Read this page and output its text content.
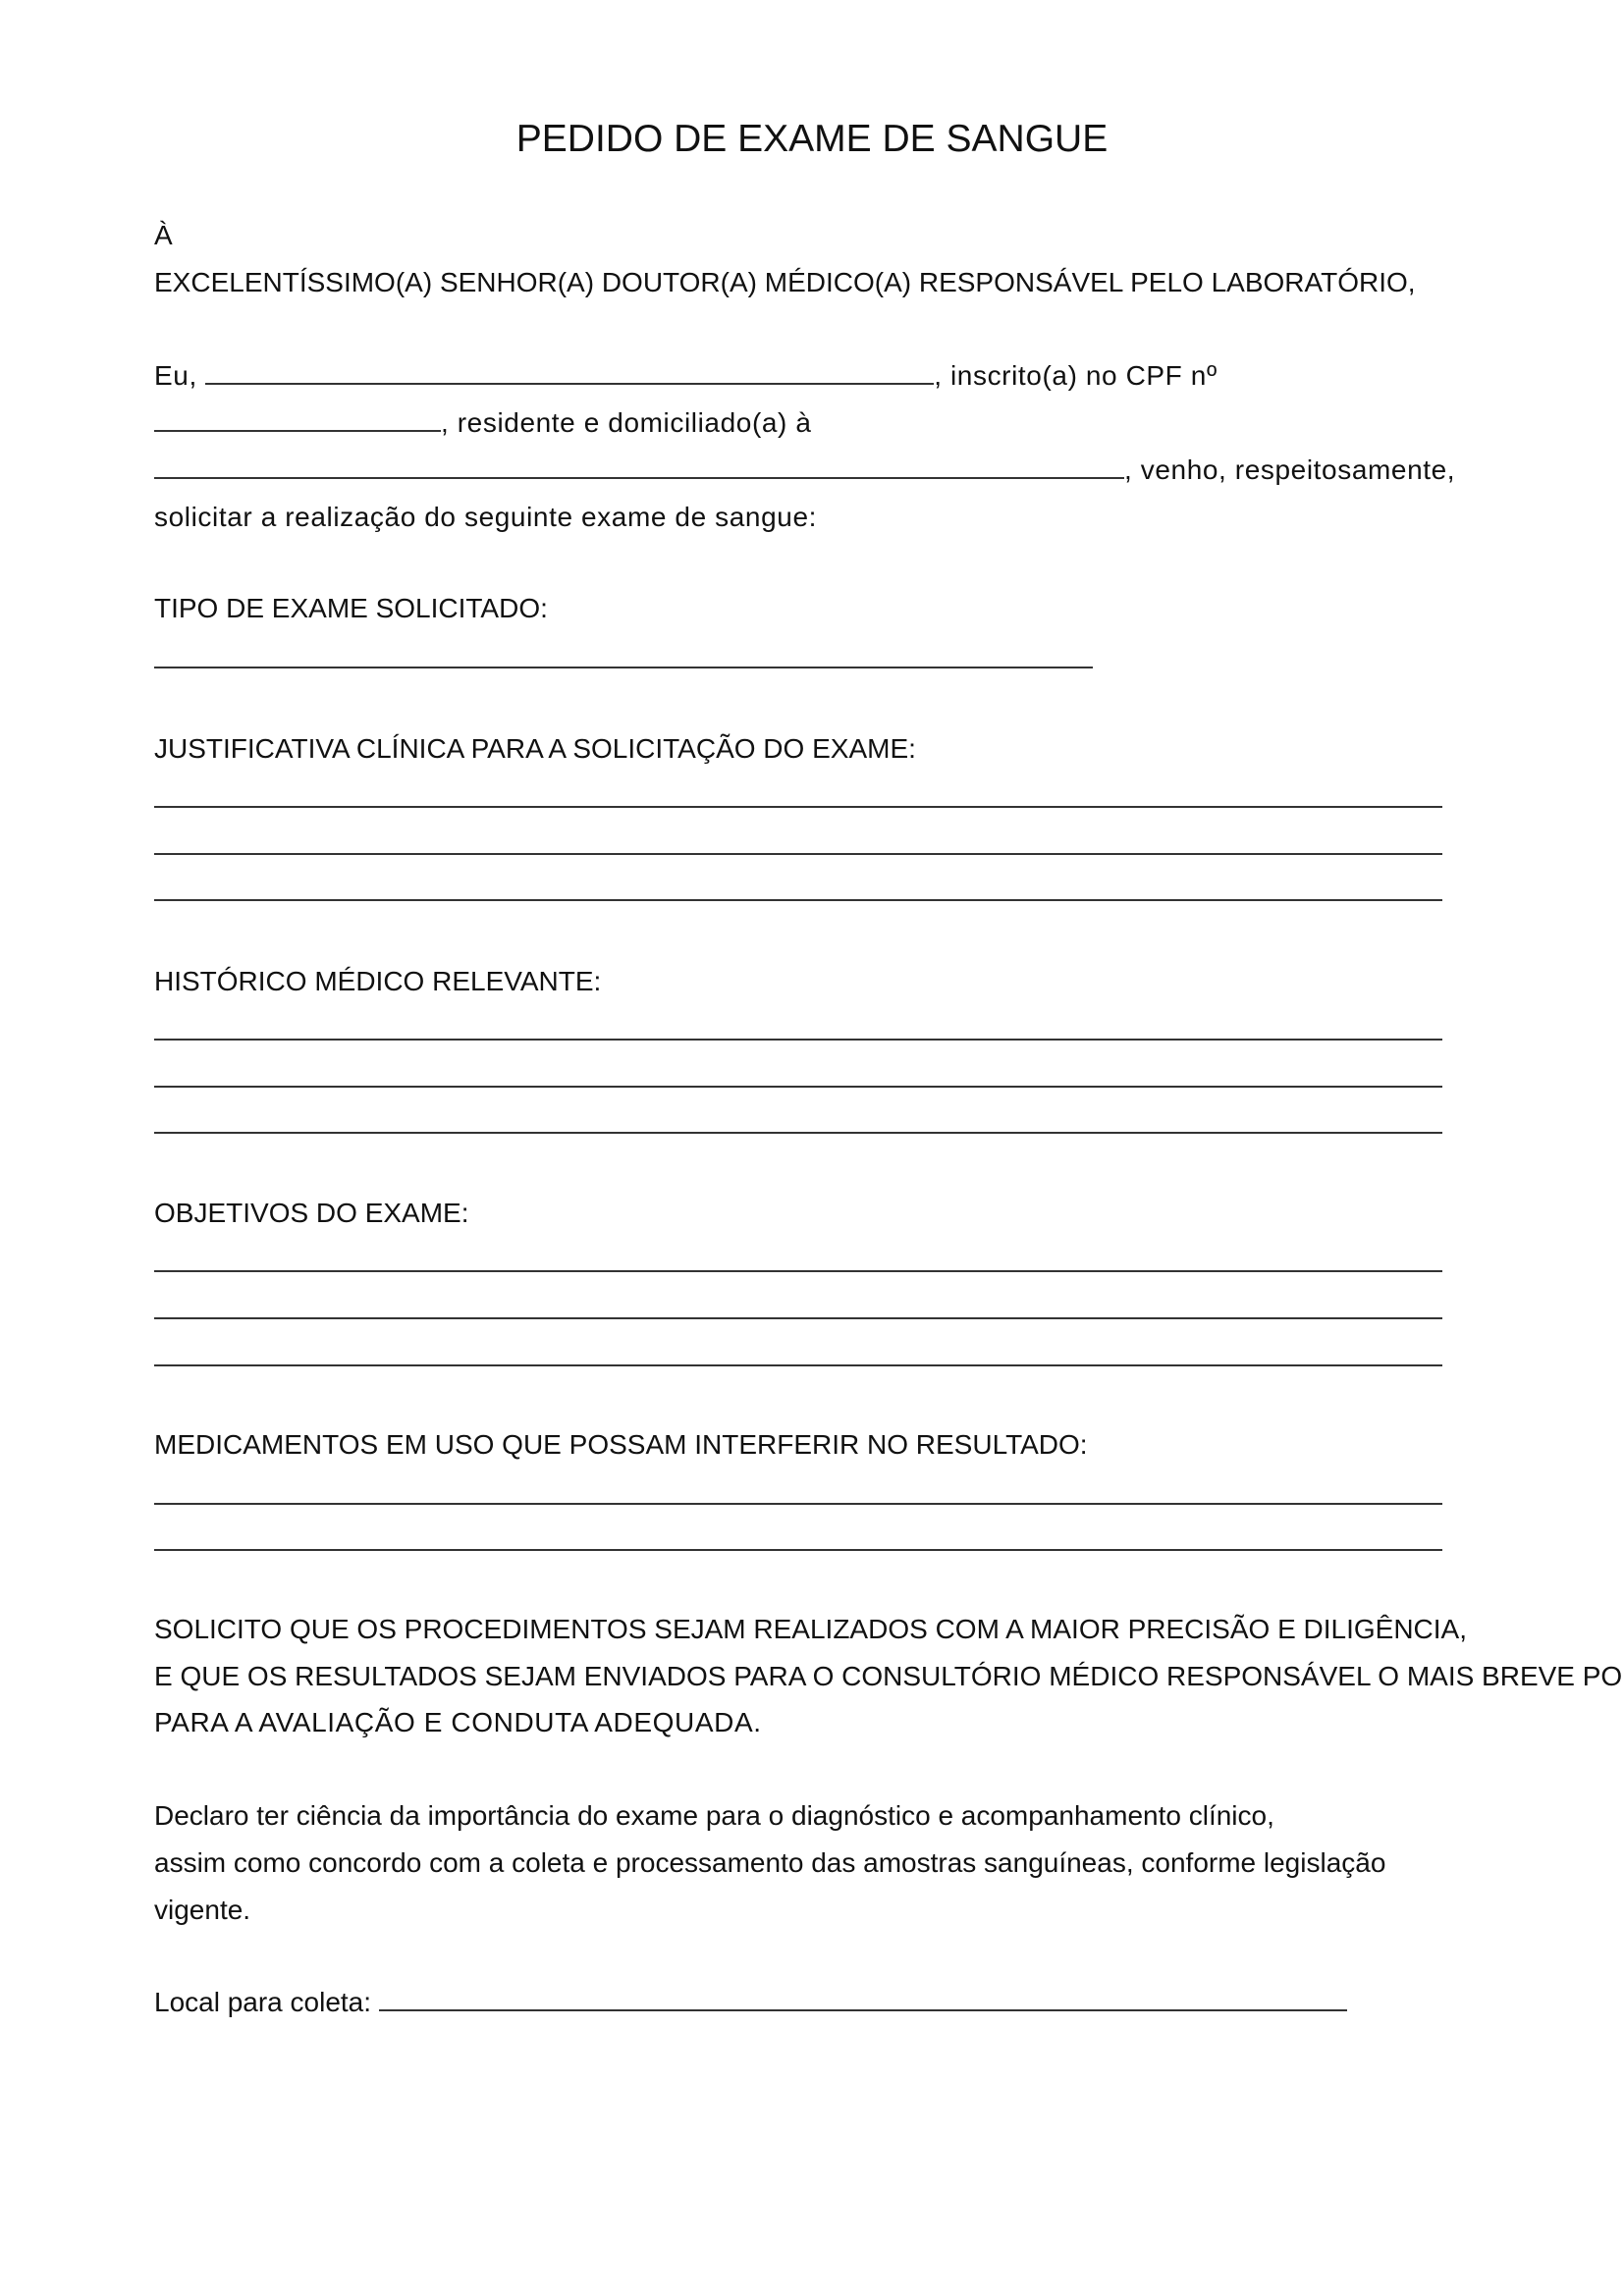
PEDIDO DE EXAME DE SANGUE
À
EXCELENTÍSSIMO(A) SENHOR(A) DOUTOR(A) MÉDICO(A) RESPONSÁVEL PELO LABORATÓRIO,
Eu,	, inscrito(a) no CPF nº
, residente e domiciliado(a) à
, venho, respeitosamente,
solicitar a realização do seguinte exame de sangue:
TIPO DE EXAME SOLICITADO:
JUSTIFICATIVA CLÍNICA PARA A SOLICITAÇÃO DO EXAME:
HISTÓRICO MÉDICO RELEVANTE:
OBJETIVOS DO EXAME:
MEDICAMENTOS EM USO QUE POSSAM INTERFERIR NO RESULTADO:
SOLICITO QUE OS PROCEDIMENTOS SEJAM REALIZADOS COM A MAIOR PRECISÃO E DILIGÊNCIA,
E QUE OS RESULTADOS SEJAM ENVIADOS PARA O CONSULTÓRIO MÉDICO RESPONSÁVEL O MAIS BREVE PO
PARA A AVALIAÇÃO E CONDUTA ADEQUADA.
Declaro ter ciência da importância do exame para o diagnóstico e acompanhamento clínico,
assim como concordo com a coleta e processamento das amostras sanguíneas, conforme legislação
vigente.
Local para coleta:
